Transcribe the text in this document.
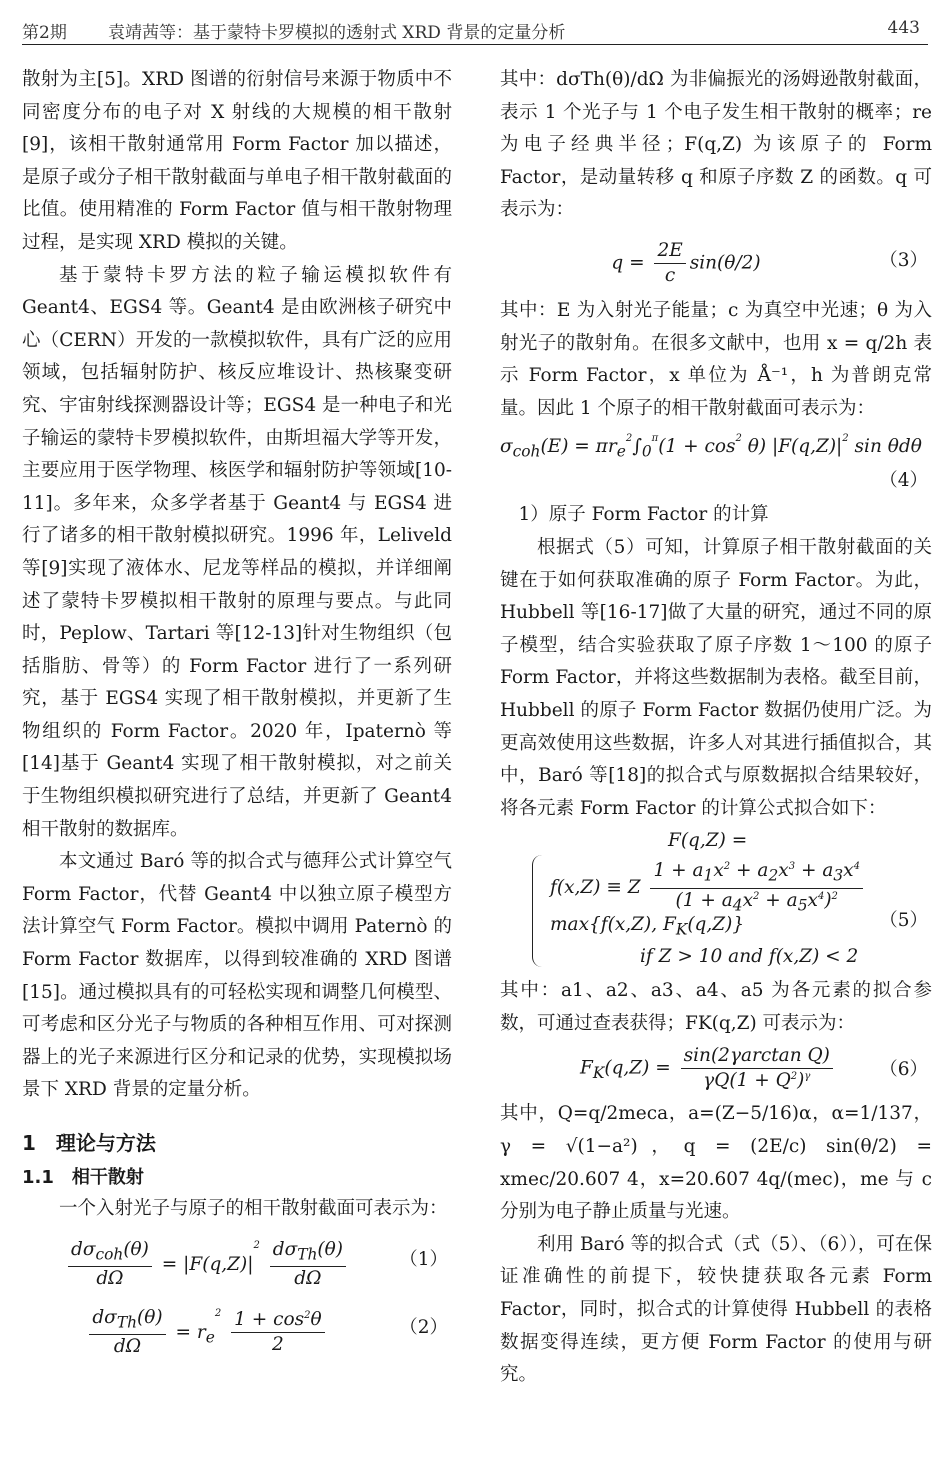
第2期 袁靖茜等：基于蒙特卡罗模拟的透射式 XRD 背景的定量分析	443

散射为主[5]。XRD 图谱的衍射信号来源于物质中不同密度分布的电子对 X 射线的大规模的相干散射[9]，该相干散射通常用 Form Factor 加以描述，是原子或分子相干散射截面与单电子相干散射截面的比值。使用精准的 Form Factor 值与相干散射物理过程，是实现 XRD 模拟的关键。

基于蒙特卡罗方法的粒子输运模拟软件有 Geant4、EGS4 等。Geant4 是由欧洲核子研究中心（CERN）开发的一款模拟软件，具有广泛的应用领域，包括辐射防护、核反应堆设计、热核聚变研究、宇宙射线探测器设计等；EGS4 是一种电子和光子输运的蒙特卡罗模拟软件，由斯坦福大学等开发，主要应用于医学物理、核医学和辐射防护等领域[10-11]。多年来，众多学者基于 Geant4 与 EGS4 进行了诸多的相干散射模拟研究。1996 年，Leliveld 等[9]实现了液体水、尼龙等样品的模拟，并详细阐述了蒙特卡罗模拟相干散射的原理与要点。与此同时，Peplow、Tartari 等[12-13]针对生物组织（包括脂肪、骨等）的 Form Factor 进行了一系列研究，基于 EGS4 实现了相干散射模拟，并更新了生物组织的 Form Factor。2020 年，Ipaternò 等[14]基于 Geant4 实现了相干散射模拟，对之前关于生物组织模拟研究进行了总结，并更新了 Geant4 相干散射的数据库。

本文通过 Baró 等的拟合式与德拜公式计算空气 Form Factor，代替 Geant4 中以独立原子模型方法计算空气 Form Factor。模拟中调用 Paternò 的 Form Factor 数据库，以得到较准确的 XRD 图谱[15]。通过模拟具有的可轻松实现和调整几何模型、可考虑和区分光子与物质的各种相互作用、可对探测器上的光子来源进行区分和记录的优势，实现模拟场景下 XRD 背景的定量分析。

1　理论与方法
1.1　相干散射

一个入射光子与原子的相干散射截面可表示为：

$\frac{d\sigma_{coh}(\theta)}{d\Omega} = |F(q,Z)|^2 \frac{d\sigma_{Th}(\theta)}{d\Omega}$	（1）
$\frac{d\sigma_{Th}(\theta)}{d\Omega} = r_e^2 \frac{1 + \cos^2\theta}{2}$	（2）

其中：dσTh(θ)/dΩ 为非偏振光的汤姆逊散射截面，表示 1 个光子与 1 个电子发生相干散射的概率；re 为电子经典半径；F(q,Z) 为该原子的 Form Factor，是动量转移 q 和原子序数 Z 的函数。q 可表示为：

$q = \frac{2E}{c} \sin(\theta/2)$	（3）

其中：E 为入射光子能量；c 为真空中光速；θ 为入射光子的散射角。在很多文献中，也用 x = q/2h 表示 Form Factor，x 单位为 Å⁻¹，h 为普朗克常量。因此 1 个原子的相干散射截面可表示为：

$\sigma_{coh}(E) = \pi r_e^2\int_0^\pi(1 + \cos^2 \theta)$ $|F(q,Z)|^2$ sin θdθ
（4）

1）原子 Form Factor 的计算

根据式（5）可知，计算原子相干散射截面的关键在于如何获取准确的原子 Form Factor。为此，Hubbell 等[16-17]做了大量的研究，通过不同的原子模型，结合实验获取了原子序数 1～100 的原子 Form Factor，并将这些数据制为表格。截至目前，Hubbell 的原子 Form Factor 数据仍使用广泛。为更高效使用这些数据，许多人对其进行插值拟合，其中，Baró 等[18]的拟合式与原数据拟合结果较好，将各元素 Form Factor 的计算公式拟合如下：

F(q,Z) =
f(x,Z) ≡ Z $\frac{1 + a_1x^2 + a_2x^3 + a_3x^4}{(1 + a_4x^2 + a_5x^4)^2}$
max{f(x,Z), $F_K(q,Z)$}
if Z > 10 and f(x,Z) < 2
（5）

其中：a1、a2、a3、a4、a5 为各元素的拟合参数，可通过查表获得；FK(q,Z) 可表示为：

$F_K(q,Z) = \frac{\text{sin(2γarctan Q)}}{\gamma Q(1 + Q^2)^\gamma}$	（6）

其中，Q=q/2meca，a=(Z−5/16)α，α=1/137，γ = √(1−a²)，q = (2E/c) sin(θ/2) = xmec/20.607 4，x=20.607 4q/(mec)，me 与 c 分别为电子静止质量与光速。

利用 Baró 等的拟合式（式（5）、（6）），可在保证准确性的前提下，较快捷获取各元素 Form Factor，同时，拟合式的计算使得 Hubbell 的表格数据变得连续，更方便 Form Factor 的使用与研究。
